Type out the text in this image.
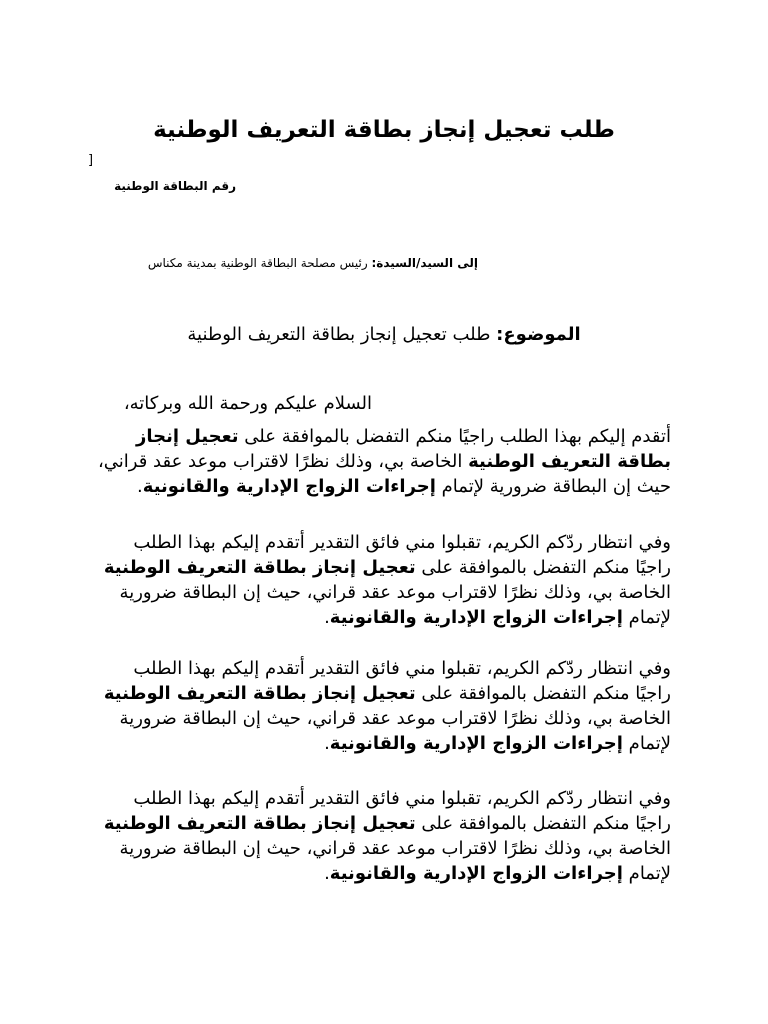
طلب تعجيل إنجاز بطاقة التعريف الوطنية
]
رقم البطاقة الوطنية
إلى السيد/السيدة: رئيس مصلحة البطاقة الوطنية بمدينة مكناس
الموضوع: طلب تعجيل إنجاز بطاقة التعريف الوطنية
السلام عليكم ورحمة الله وبركاته،

أتقدم إليكم بهذا الطلب راجيًا منكم التفضل بالموافقة على تعجيل إنجاز بطاقة التعريف الوطنية الخاصة بي، وذلك نظرًا لاقتراب موعد عقد قراني، حيث إن البطاقة ضرورية لإتمام إجراءات الزواج الإدارية والقانونية.

وفي انتظار ردّكم الكريم، تقبلوا مني فائق التقدير أتقدم إليكم بهذا الطلب راجيًا منكم التفضل بالموافقة على تعجيل إنجاز بطاقة التعريف الوطنية الخاصة بي، وذلك نظرًا لاقتراب موعد عقد قراني، حيث إن البطاقة ضرورية لإتمام إجراءات الزواج الإدارية والقانونية.

وفي انتظار ردّكم الكريم، تقبلوا مني فائق التقدير أتقدم إليكم بهذا الطلب راجيًا منكم التفضل بالموافقة على تعجيل إنجاز بطاقة التعريف الوطنية الخاصة بي، وذلك نظرًا لاقتراب موعد عقد قراني، حيث إن البطاقة ضرورية لإتمام إجراءات الزواج الإدارية والقانونية.

وفي انتظار ردّكم الكريم، تقبلوا مني فائق التقدير أتقدم إليكم بهذا الطلب راجيًا منكم التفضل بالموافقة على تعجيل إنجاز بطاقة التعريف الوطنية الخاصة بي، وذلك نظرًا لاقتراب موعد عقد قراني، حيث إن البطاقة ضرورية لإتمام إجراءات الزواج الإدارية والقانونية.
